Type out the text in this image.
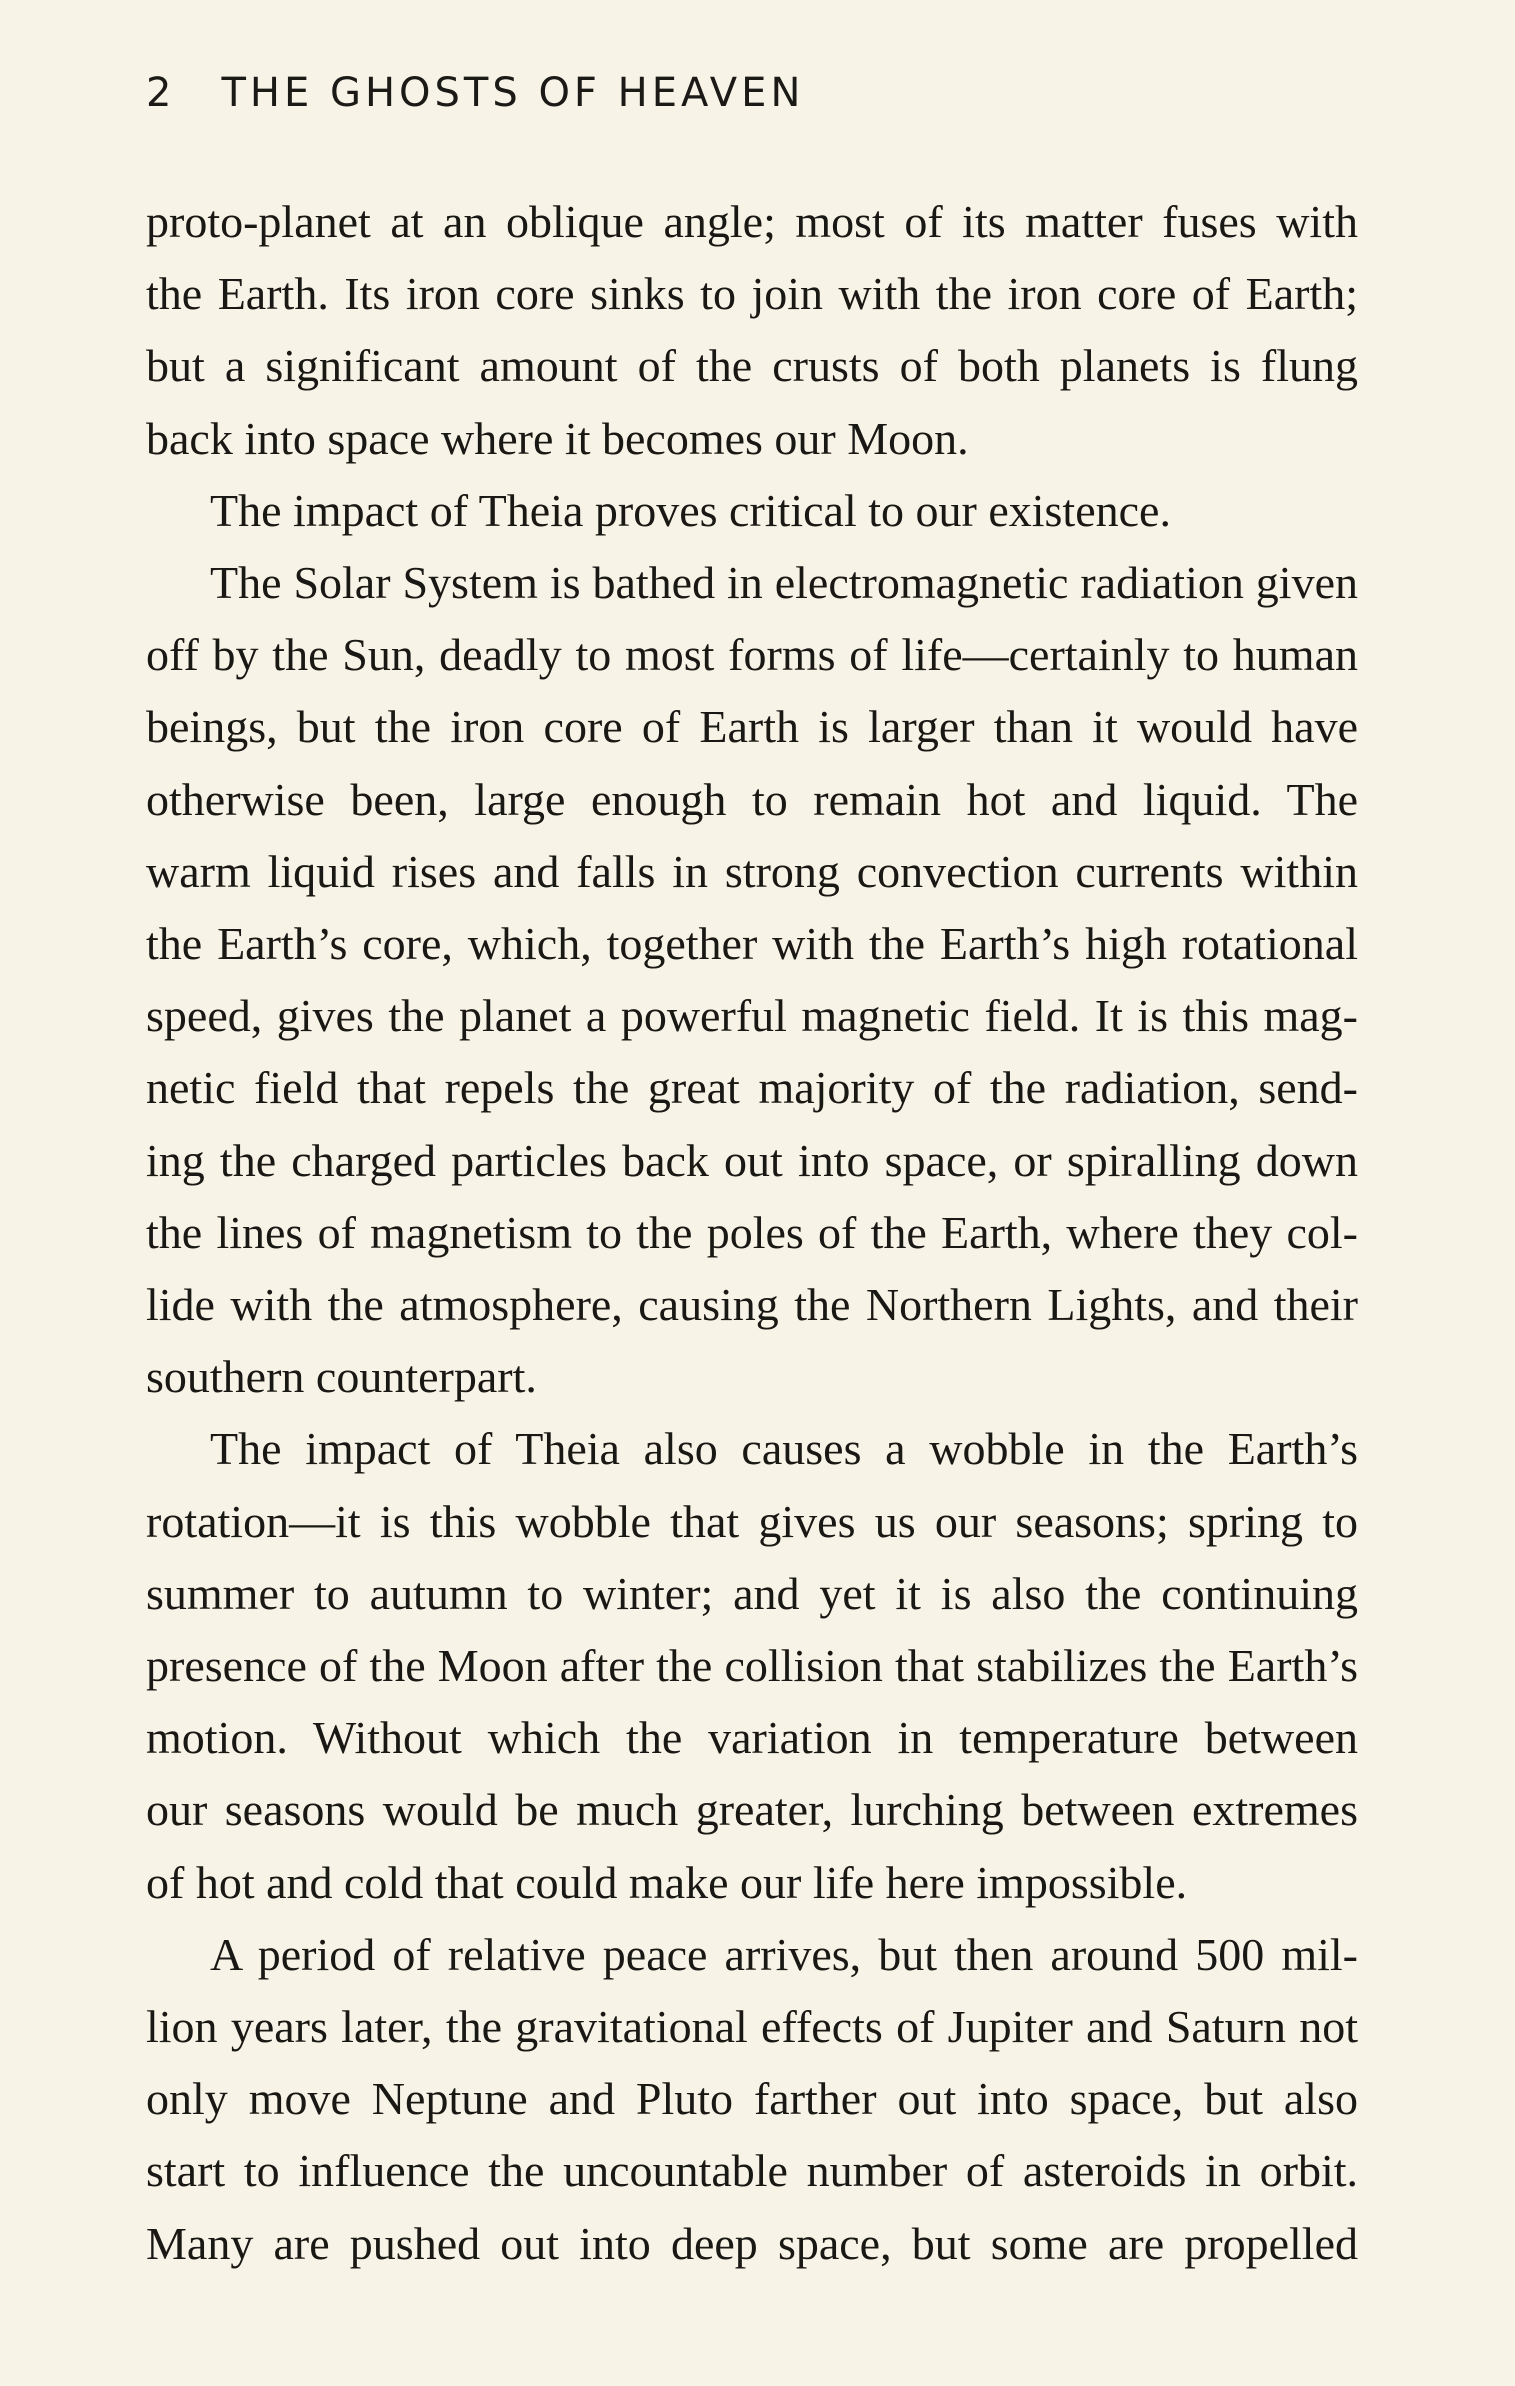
2 THE GHOSTS OF HEAVEN
proto-planet at an oblique angle; most of its matter fuses with
the Earth. Its iron core sinks to join with the iron core of Earth;
but a significant amount of the crusts of both planets is flung
back into space where it becomes our Moon.
The impact of Theia proves critical to our existence.
The Solar System is bathed in electromagnetic radiation given
off by the Sun, deadly to most forms of life—certainly to human
beings, but the iron core of Earth is larger than it would have
otherwise been, large enough to remain hot and liquid. The
warm liquid rises and falls in strong convection currents within
the Earth’s core, which, together with the Earth’s high rotational
speed, gives the planet a powerful magnetic field. It is this mag-
netic field that repels the great majority of the radiation, send-
ing the charged particles back out into space, or spiralling down
the lines of magnetism to the poles of the Earth, where they col-
lide with the atmosphere, causing the Northern Lights, and their
southern counterpart.
The impact of Theia also causes a wobble in the Earth’s
rotation—it is this wobble that gives us our seasons; spring to
summer to autumn to winter; and yet it is also the continuing
presence of the Moon after the collision that stabilizes the Earth’s
motion. Without which the variation in temperature between
our seasons would be much greater, lurching between extremes
of hot and cold that could make our life here impossible.
A period of relative peace arrives, but then around 500 mil-
lion years later, the gravitational effects of Jupiter and Saturn not
only move Neptune and Pluto farther out into space, but also
start to influence the uncountable number of asteroids in orbit.
Many are pushed out into deep space, but some are propelled
